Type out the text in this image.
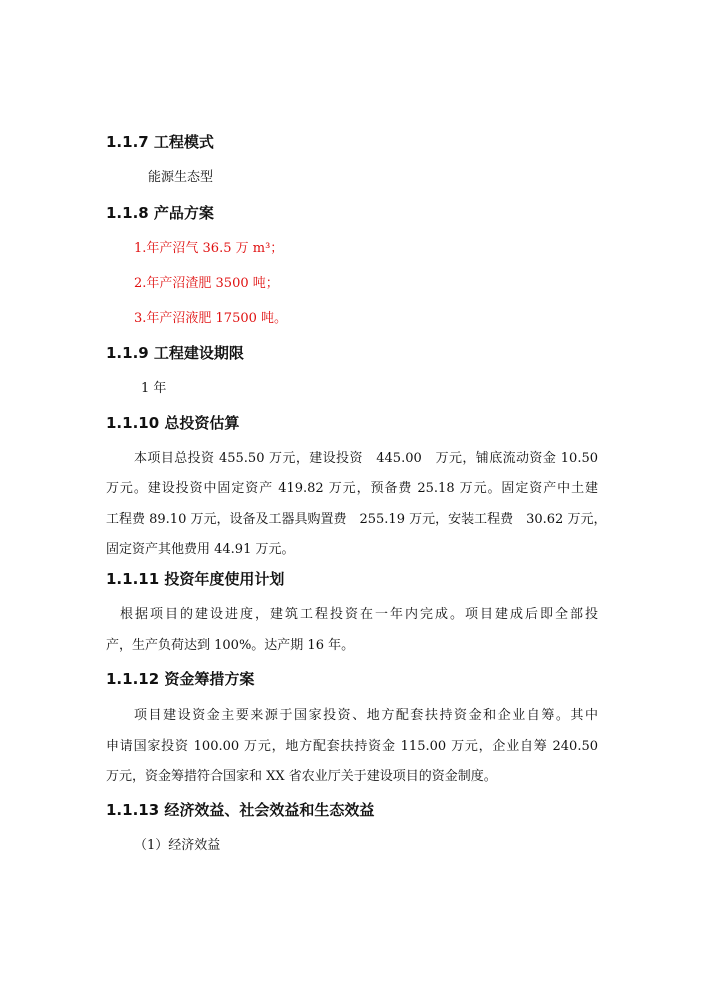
1.1.7 工程模式
能源生态型
1.1.8 产品方案
1.年产沼气 36.5 万 m³；
2.年产沼渣肥 3500 吨；
3.年产沼液肥 17500 吨。
1.1.9 工程建设期限
1 年
1.1.10 总投资估算
本项目总投资 455.50 万元，建设投资　445.00　万元，铺底流动资金 10.50
万元。建设投资中固定资产 419.82 万元，预备费 25.18 万元。固定资产中土建
工程费 89.10 万元，设备及工器具购置费　255.19 万元，安装工程费　30.62 万元，
固定资产其他费用 44.91 万元。
1.1.11 投资年度使用计划
根据项目的建设进度，建筑工程投资在一年内完成。项目建成后即全部投
产，生产负荷达到 100%。达产期 16 年。
1.1.12 资金筹措方案
项目建设资金主要来源于国家投资、地方配套扶持资金和企业自筹。其中
申请国家投资 100.00 万元，地方配套扶持资金 115.00 万元，企业自筹 240.50
万元，资金筹措符合国家和 XX 省农业厅关于建设项目的资金制度。
1.1.13 经济效益、社会效益和生态效益
（1）经济效益
